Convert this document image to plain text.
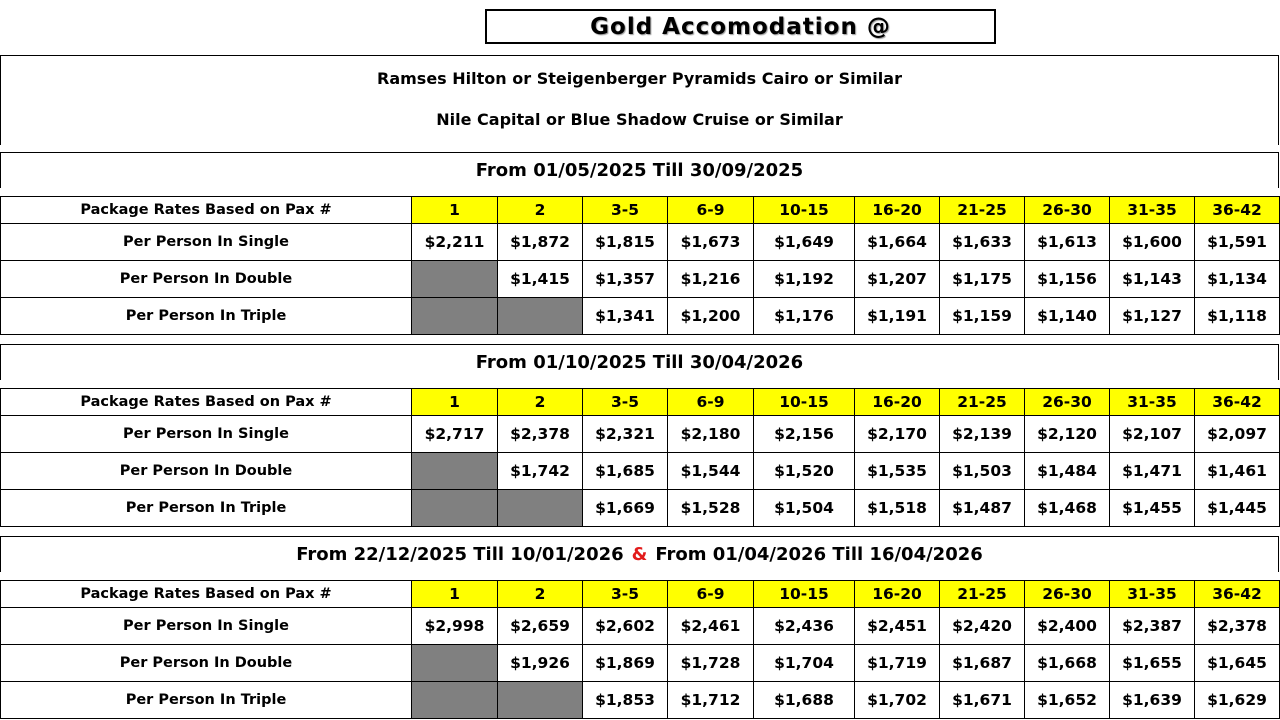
Gold Accomodation @
Ramses Hilton or Steigenberger Pyramids Cairo or Similar
Nile Capital or Blue Shadow Cruise or Similar
From 01/05/2025 Till 30/09/2025
Package Rates Based on Pax #	1	2	3-5	6-9	10-15	16-20	21-25	26-30	31-35	36-42
Per Person In Single	$2,211	$1,872	$1,815	$1,673	$1,649	$1,664	$1,633	$1,613	$1,600	$1,591
Per Person In Double		$1,415	$1,357	$1,216	$1,192	$1,207	$1,175	$1,156	$1,143	$1,134
Per Person In Triple			$1,341	$1,200	$1,176	$1,191	$1,159	$1,140	$1,127	$1,118
From 01/10/2025 Till 30/04/2026
Package Rates Based on Pax #	1	2	3-5	6-9	10-15	16-20	21-25	26-30	31-35	36-42
Per Person In Single	$2,717	$2,378	$2,321	$2,180	$2,156	$2,170	$2,139	$2,120	$2,107	$2,097
Per Person In Double		$1,742	$1,685	$1,544	$1,520	$1,535	$1,503	$1,484	$1,471	$1,461
Per Person In Triple			$1,669	$1,528	$1,504	$1,518	$1,487	$1,468	$1,455	$1,445
From 22/12/2025 Till 10/01/2026 & From 01/04/2026 Till 16/04/2026
Package Rates Based on Pax #	1	2	3-5	6-9	10-15	16-20	21-25	26-30	31-35	36-42
Per Person In Single	$2,998	$2,659	$2,602	$2,461	$2,436	$2,451	$2,420	$2,400	$2,387	$2,378
Per Person In Double		$1,926	$1,869	$1,728	$1,704	$1,719	$1,687	$1,668	$1,655	$1,645
Per Person In Triple			$1,853	$1,712	$1,688	$1,702	$1,671	$1,652	$1,639	$1,629
